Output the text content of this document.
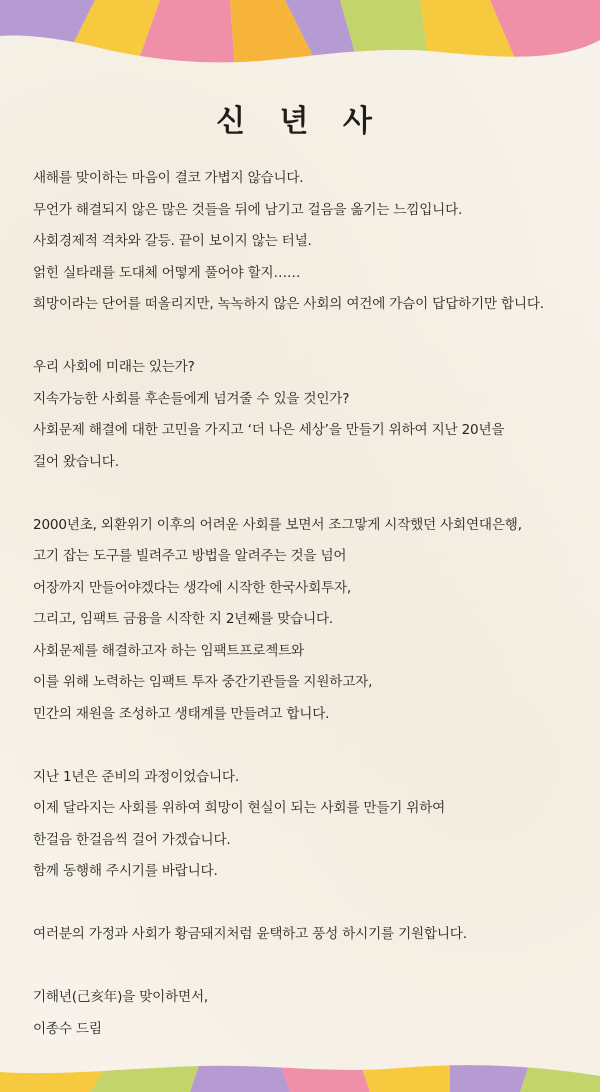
신 년 사

새해를 맞이하는 마음이 결코 가볍지 않습니다.

무언가 해결되지 않은 많은 것들을 뒤에 남기고 걸음을 옮기는 느낌입니다.

사회경제적 격차와 갈등. 끝이 보이지 않는 터널.

얽힌 실타래를 도대체 어떻게 풀어야 할지……

희망이라는 단어를 떠올리지만, 녹녹하지 않은 사회의 여건에 가슴이 답답하기만 합니다.

우리 사회에 미래는 있는가?

지속가능한 사회를 후손들에게 넘겨줄 수 있을 것인가?

사회문제 해결에 대한 고민을 가지고 ‘더 나은 세상’을 만들기 위하여 지난 20년을

걸어 왔습니다.

2000년초, 외환위기 이후의 어려운 사회를 보면서 조그맣게 시작했던 사회연대은행,

고기 잡는 도구를 빌려주고 방법을 알려주는 것을 넘어

어장까지 만들어야겠다는 생각에 시작한 한국사회투자,

그리고, 임팩트 금융을 시작한 지 2년째를 맞습니다.

사회문제를 해결하고자 하는 임팩트프로젝트와

이를 위해 노력하는 임팩트 투자 중간기관들을 지원하고자,

민간의 재원을 조성하고 생태계를 만들려고 합니다.

지난 1년은 준비의 과정이었습니다.

이제 달라지는 사회를 위하여 희망이 현실이 되는 사회를 만들기 위하여

한걸음 한걸음씩 걸어 가겠습니다.

함께 동행해 주시기를 바랍니다.

여러분의 가정과 사회가 황금돼지처럼 윤택하고 풍성 하시기를 기원합니다.

기해년(己亥年)을 맞이하면서,

이종수 드림
